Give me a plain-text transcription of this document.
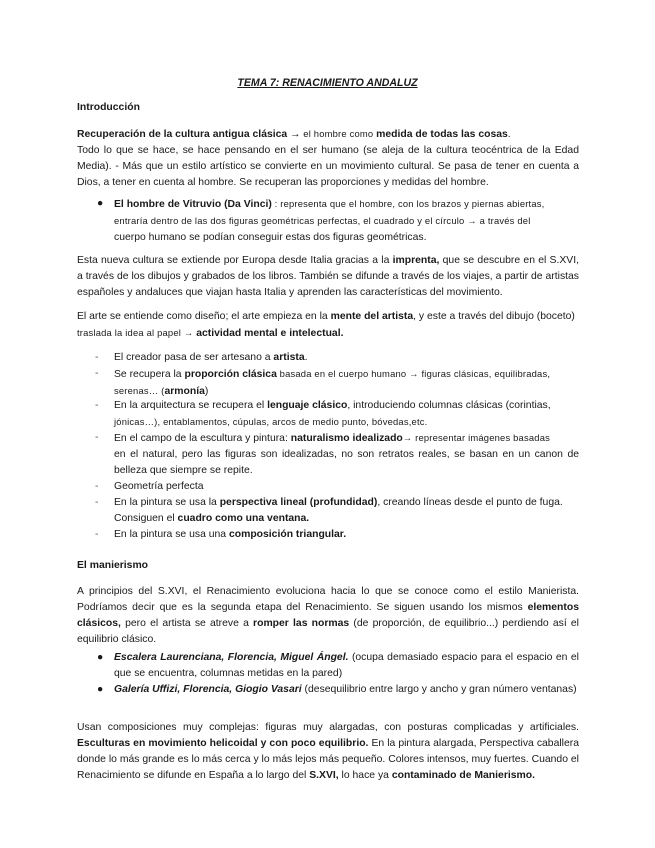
TEMA 7: RENACIMIENTO ANDALUZ
Introducción
Recuperación de la cultura antigua clásica → el hombre como medida de todas las cosas.
Todo lo que se hace, se hace pensando en el ser humano (se aleja de la cultura teocéntrica de la Edad Media). - Más que un estilo artístico se convierte en un movimiento cultural. Se pasa de tener en cuenta a Dios, a tener en cuenta al hombre. Se recuperan las proporciones y medidas del hombre.
● El hombre de Vitruvio (Da Vinci) : representa que el hombre, con los brazos y piernas abiertas,
entraría dentro de las dos figuras geométricas perfectas, el cuadrado y el círculo → a través del
cuerpo humano se podían conseguir estas dos figuras geométricas.
Esta nueva cultura se extiende por Europa desde Italia gracias a la imprenta, que se descubre en el S.XVI, a través de los dibujos y grabados de los libros. También se difunde a través de los viajes, a partir de artistas españoles y andaluces que viajan hasta Italia y aprenden las características del movimiento.
El arte se entiende como diseño; el arte empieza en la mente del artista, y este a través del dibujo (boceto)
traslada la idea al papel → actividad mental e intelectual.
- El creador pasa de ser artesano a artista.
- Se recupera la proporción clásica basada en el cuerpo humano → figuras clásicas, equilibradas,
serenas… (armonía)
- En la arquitectura se recupera el lenguaje clásico, introduciendo columnas clásicas (corintias,
jónicas…), entablamentos, cúpulas, arcos de medio punto, bóvedas,etc.
- En el campo de la escultura y pintura: naturalismo idealizado→ representar imágenes basadas
en el natural, pero las figuras son idealizadas, no son retratos reales, se basan en un canon de belleza que siempre se repite.
- Geometría perfecta
- En la pintura se usa la perspectiva lineal (profundidad), creando líneas desde el punto de fuga.
Consiguen el cuadro como una ventana.
- En la pintura se usa una composición triangular.
El manierismo
A principios del S.XVI, el Renacimiento evoluciona hacia lo que se conoce como el estilo Manierista. Podríamos decir que es la segunda etapa del Renacimiento. Se siguen usando los mismos elementos clásicos, pero el artista se atreve a romper las normas (de proporción, de equilibrio...) perdiendo así el equilibrio clásico.
● Escalera Laurenciana, Florencia, Miguel Ángel. (ocupa demasiado espacio para el espacio en el que se encuentra, columnas metidas en la pared)
● Galería Uffizi, Florencia, Giogio Vasari (desequilibrio entre largo y ancho y gran número ventanas)
Usan composiciones muy complejas: figuras muy alargadas, con posturas complicadas y artificiales. Esculturas en movimiento helicoidal y con poco equilibrio. En la pintura alargada, Perspectiva caballera donde lo más grande es lo más cerca y lo más lejos más pequeño. Colores intensos, muy fuertes. Cuando el Renacimiento se difunde en España a lo largo del S.XVI, lo hace ya contaminado de Manierismo.
